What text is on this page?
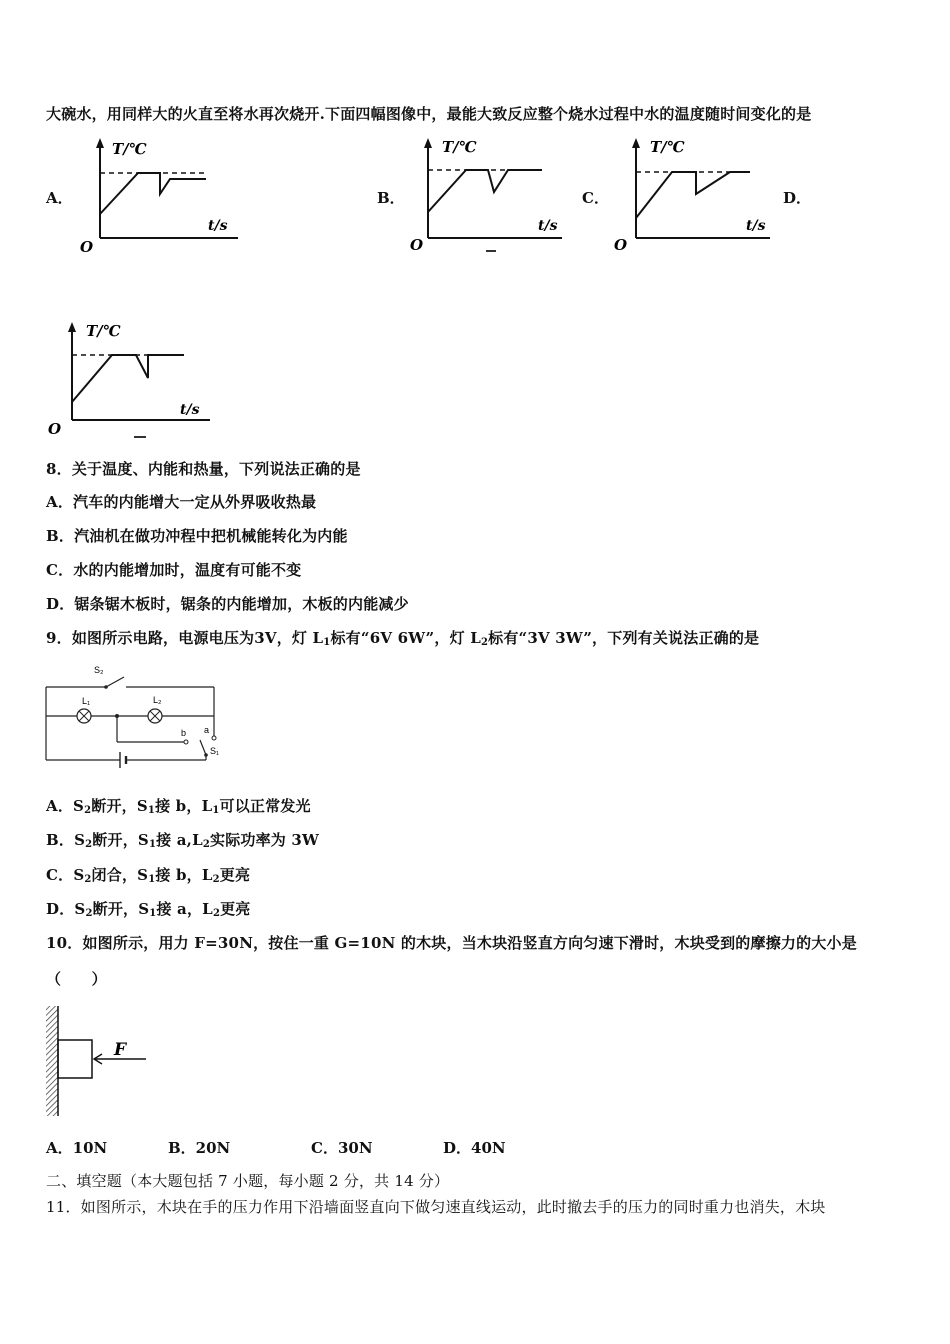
大碗水，用同样大的火直至将水再次烧开.下面四幅图像中，最能大致反应整个烧水过程中水的温度随时间变化的是
A．	B．	C．	D．
T/℃
t/s
O
T/℃
t/s
O
T/℃
t/s
O
T/℃
t/s
O
8．关于温度、内能和热量，下列说法正确的是
A．汽车的内能增大一定从外界吸收热最
B．汽油机在做功冲程中把机械能转化为内能
C．水的内能增加时，温度有可能不变
D．锯条锯木板时，锯条的内能增加，木板的内能减少
9．如图所示电路，电源电压为3V，灯 $L_1$标有“6V 6W”，灯 $L_2$标有“3V 3W”，下列有关说法正确的是
S₂
L₁	L₂
b a
S₁
A．$S_2$断开，$S_1$接 b，$L_1$可以正常发光
B．$S_2$断开，$S_1$接 $a,L_2$实际功率为 3W
C．$S_2$闭合，$S_1$接 b，$L_2$更亮
D．$S_2$断开，$S_1$接 a，$L_2$更亮
10．如图所示，用力 F=30N，按住一重 G=10N 的木块，当木块沿竖直方向匀速下滑时，木块受到的摩擦力的大小是
（　　）
F
A．10N	B．20N	C．30N	D．40N
二、填空题（本大题包括 7 小题，每小题 2 分，共 14 分）
11．如图所示，木块在手的压力作用下沿墙面竖直向下做匀速直线运动，此时撤去手的压力的同时重力也消失，木块
